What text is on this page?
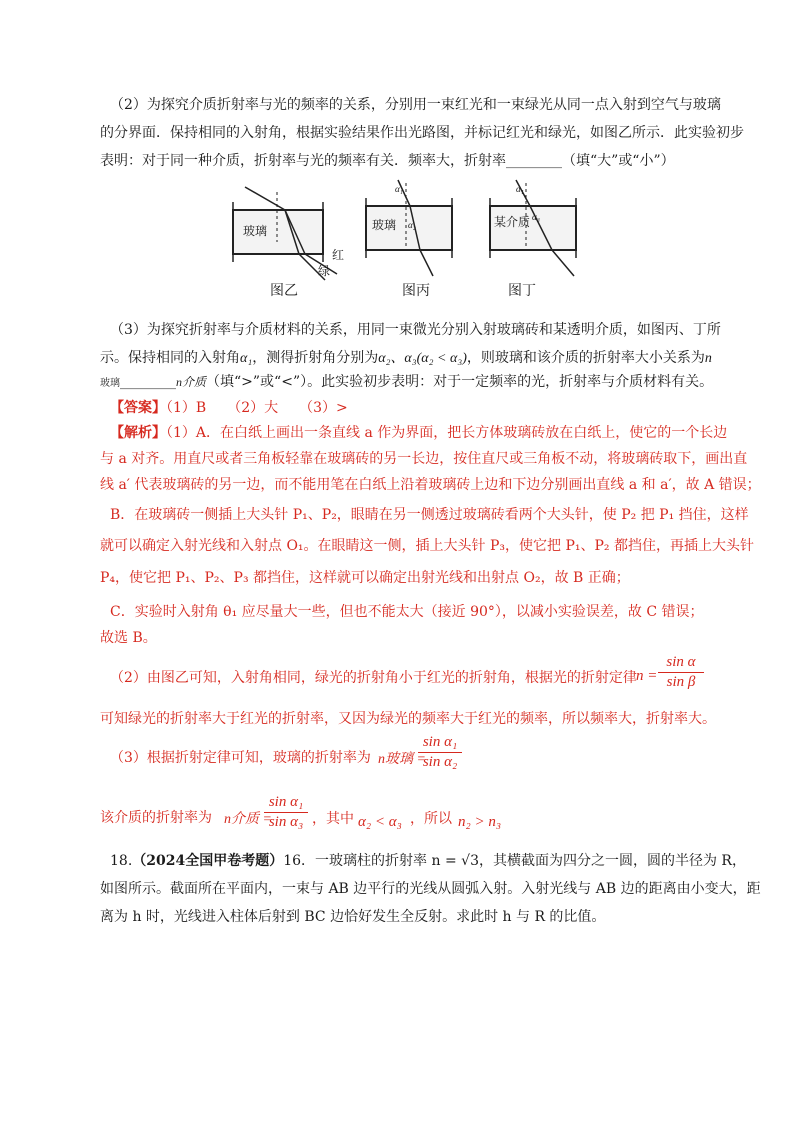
（2）为探究介质折射率与光的频率的关系，分别用一束红光和一束绿光从同一点入射到空气与玻璃
的分界面．保持相同的入射角，根据实验结果作出光路图，并标记红光和绿光，如图乙所示．此实验初步
表明：对于同一种介质，折射率与光的频率有关．频率大，折射率________（填“大”或“小”）
玻璃
红
绿
图乙
玻璃
α₁
α₂
图丙
某介质
α₁
α₃
图丁
（3）为探究折射率与介质材料的关系，用同一束微光分别入射玻璃砖和某透明介质，如图丙、丁所
示。保持相同的入射角α₁，测得折射角分别为α₂、α₃(α₂ < α₃)，则玻璃和该介质的折射率大小关系为n
玻璃________n介质（填“>”或“<”）。此实验初步表明：对于一定频率的光，折射率与介质材料有关。
【答案】（1）B　　（2）大　　（3）>
【解析】（1）A．在白纸上画出一条直线 a 作为界面，把长方体玻璃砖放在白纸上，使它的一个长边
与 a 对齐。用直尺或者三角板轻靠在玻璃砖的另一长边，按住直尺或三角板不动，将玻璃砖取下，画出直
线 a′ 代表玻璃砖的另一边，而不能用笔在白纸上沿着玻璃砖上边和下边分别画出直线 a 和 a′，故 A 错误；
B．在玻璃砖一侧插上大头针 P₁、P₂，眼睛在另一侧透过玻璃砖看两个大头针，使 P₂ 把 P₁ 挡住，这样
就可以确定入射光线和入射点 O₁。在眼睛这一侧，插上大头针 P₃，使它把 P₁、P₂ 都挡住，再插上大头针
P₄，使它把 P₁、P₂、P₃ 都挡住，这样就可以确定出射光线和出射点 O₂，故 B 正确；
C．实验时入射角 θ₁ 应尽量大一些，但也不能太大（接近 90°），以减小实验误差，故 C 错误；
故选 B。
（2）由图乙可知，入射角相同，绿光的折射角小于红光的折射角，根据光的折射定律 n =
sin α
sin β
可知绿光的折射率大于红光的折射率，又因为绿光的频率大于红光的频率，所以频率大，折射率大。
（3）根据折射定律可知，玻璃的折射率为 n玻璃 =
sin α₁
sin α₂
该介质的折射率为 n介质 =
sin α₁
sin α₃ ，其中 α₂ < α₃ ，所以 n₂ > n₃
18.（2024全国甲卷考题）16．一玻璃柱的折射率 n = √3，其横截面为四分之一圆，圆的半径为 R，
如图所示。截面所在平面内，一束与 AB 边平行的光线从圆弧入射。入射光线与 AB 边的距离由小变大，距
离为 h 时，光线进入柱体后射到 BC 边恰好发生全反射。求此时 h 与 R 的比值。
